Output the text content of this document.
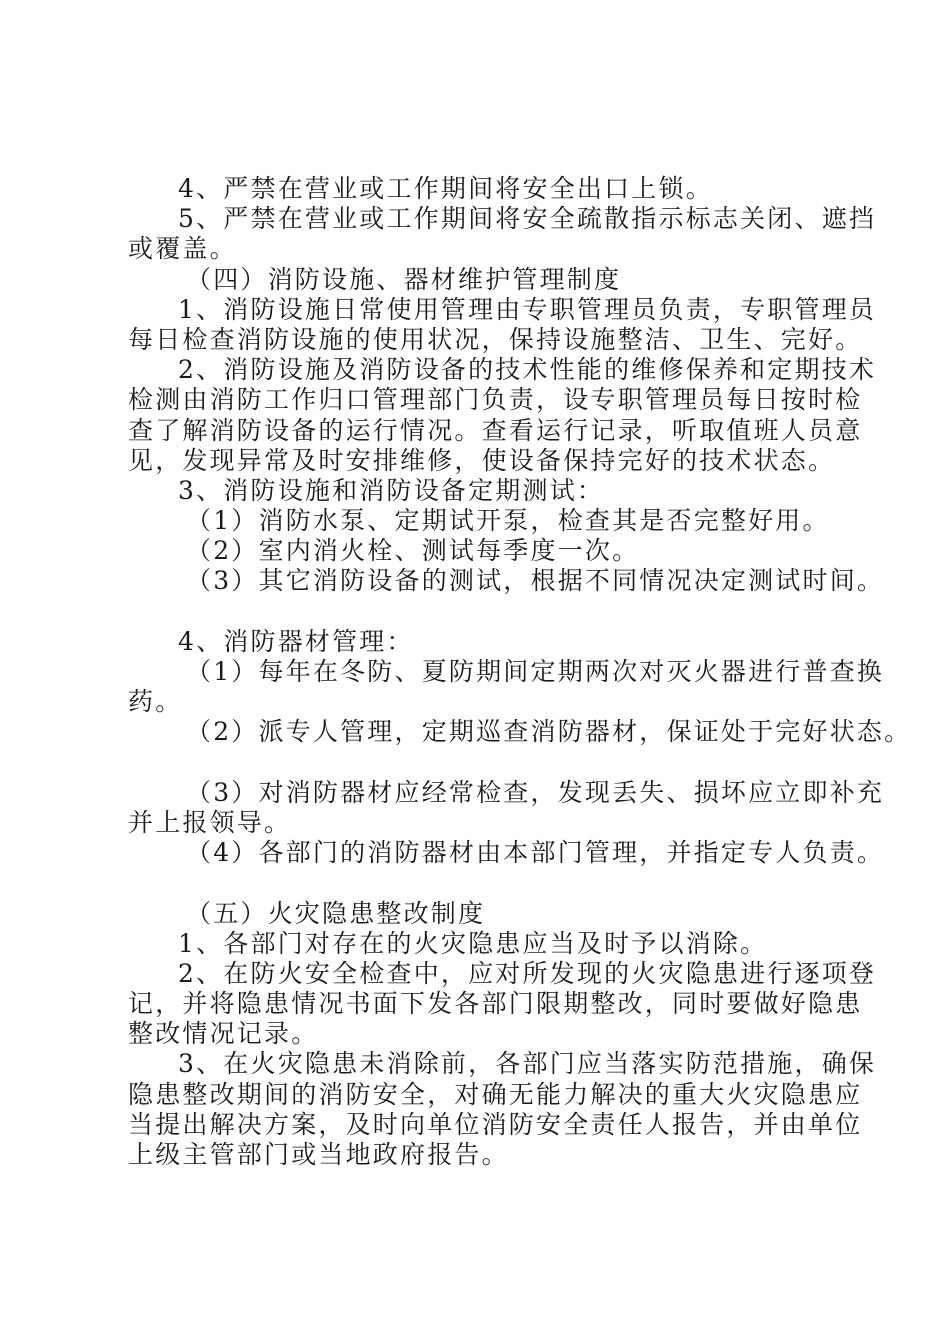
4、严禁在营业或工作期间将安全出口上锁。
5、严禁在营业或工作期间将安全疏散指示标志关闭、遮挡
或覆盖。
（四）消防设施、器材维护管理制度
1、消防设施日常使用管理由专职管理员负责，专职管理员
每日检查消防设施的使用状况，保持设施整洁、卫生、完好。
2、消防设施及消防设备的技术性能的维修保养和定期技术
检测由消防工作归口管理部门负责，设专职管理员每日按时检
查了解消防设备的运行情况。查看运行记录，听取值班人员意
见，发现异常及时安排维修，使设备保持完好的技术状态。
3、消防设施和消防设备定期测试：
（1）消防水泵、定期试开泵，检查其是否完整好用。
（2）室内消火栓、测试每季度一次。
（3）其它消防设备的测试，根据不同情况决定测试时间。
4、消防器材管理：
（1）每年在冬防、夏防期间定期两次对灭火器进行普查换
药。
（2）派专人管理，定期巡查消防器材，保证处于完好状态。
（3）对消防器材应经常检查，发现丢失、损坏应立即补充
并上报领导。
（4）各部门的消防器材由本部门管理，并指定专人负责。
（五）火灾隐患整改制度
1、各部门对存在的火灾隐患应当及时予以消除。
2、在防火安全检查中，应对所发现的火灾隐患进行逐项登
记，并将隐患情况书面下发各部门限期整改，同时要做好隐患
整改情况记录。
3、在火灾隐患未消除前，各部门应当落实防范措施，确保
隐患整改期间的消防安全，对确无能力解决的重大火灾隐患应
当提出解决方案，及时向单位消防安全责任人报告，并由单位
上级主管部门或当地政府报告。
